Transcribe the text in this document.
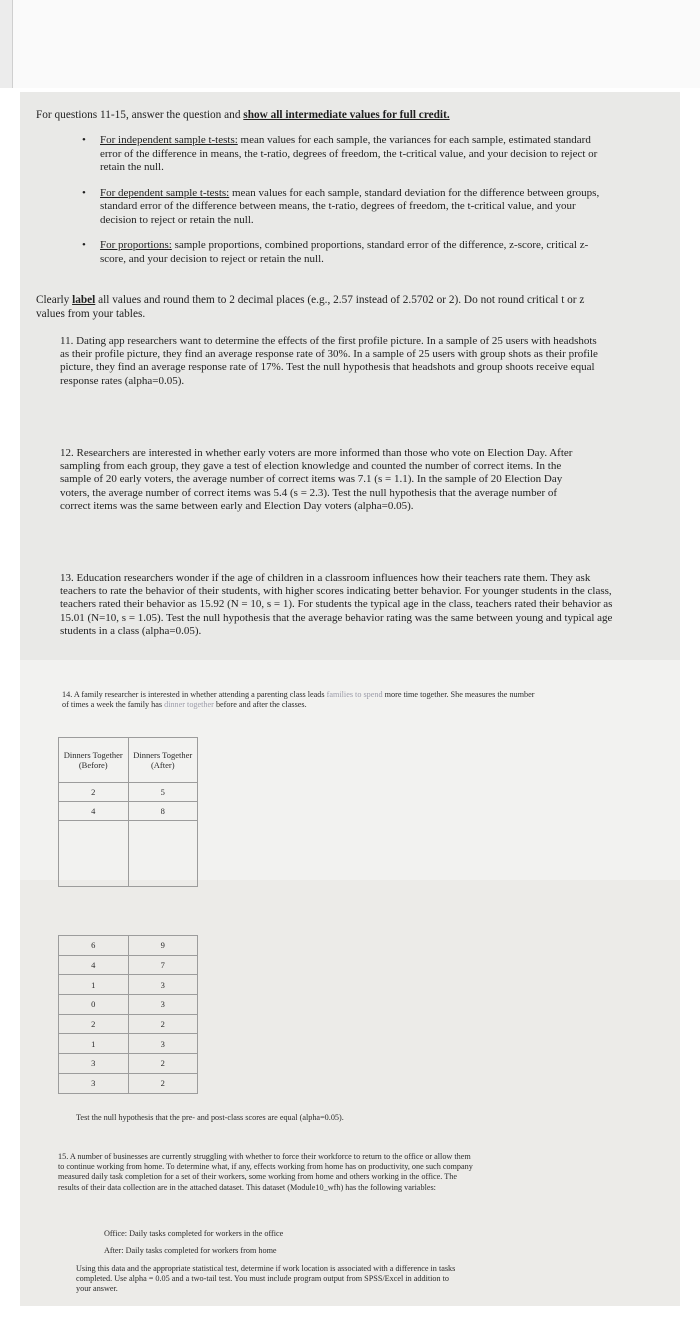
For questions 11-15, answer the question and show all intermediate values for full credit.
• For independent sample t-tests: mean values for each sample, the variances for each sample, estimated standard error of the difference in means, the t-ratio, degrees of freedom, the t-critical value, and your decision to reject or retain the null.
• For dependent sample t-tests: mean values for each sample, standard deviation for the difference between groups, standard error of the difference between means, the t-ratio, degrees of freedom, the t-critical value, and your decision to reject or retain the null.
• For proportions: sample proportions, combined proportions, standard error of the difference, z-score, critical z-score, and your decision to reject or retain the null.
Clearly label all values and round them to 2 decimal places (e.g., 2.57 instead of 2.5702 or 2). Do not round critical t or z values from your tables.
11. Dating app researchers want to determine the effects of the first profile picture. In a sample of 25 users with headshots as their profile picture, they find an average response rate of 30%. In a sample of 25 users with group shots as their profile picture, they find an average response rate of 17%. Test the null hypothesis that headshots and group shoots receive equal response rates (alpha=0.05).
12. Researchers are interested in whether early voters are more informed than those who vote on Election Day. After sampling from each group, they gave a test of election knowledge and counted the number of correct items. In the sample of 20 early voters, the average number of correct items was 7.1 (s = 1.1). In the sample of 20 Election Day voters, the average number of correct items was 5.4 (s = 2.3). Test the null hypothesis that the average number of correct items was the same between early and Election Day voters (alpha=0.05).
13. Education researchers wonder if the age of children in a classroom influences how their teachers rate them. They ask teachers to rate the behavior of their students, with higher scores indicating better behavior. For younger students in the class, teachers rated their behavior as 15.92 (N = 10, s = 1). For students the typical age in the class, teachers rated their behavior as 15.01 (N=10, s = 1.05). Test the null hypothesis that the average behavior rating was the same between young and typical age students in a class (alpha=0.05).
14. A family researcher is interested in whether attending a parenting class leads families to spend more time together. She measures the number of times a week the family has dinner together before and after the classes.
Dinners Together (Before)	Dinners Together (After)
2	5
4	8

6	9
4	7
1	3
0	3
2	2
1	3
3	2
3	2
Test the null hypothesis that the pre- and post-class scores are equal (alpha=0.05).
15. A number of businesses are currently struggling with whether to force their workforce to return to the office or allow them to continue working from home. To determine what, if any, effects working from home has on productivity, one such company measured daily task completion for a set of their workers, some working from home and others working in the office. The results of their data collection are in the attached dataset. This dataset (Module10_wfh) has the following variables:
Office: Daily tasks completed for workers in the office
After: Daily tasks completed for workers from home
Using this data and the appropriate statistical test, determine if work location is associated with a difference in tasks completed. Use alpha = 0.05 and a two-tail test. You must include program output from SPSS/Excel in addition to your answer.
